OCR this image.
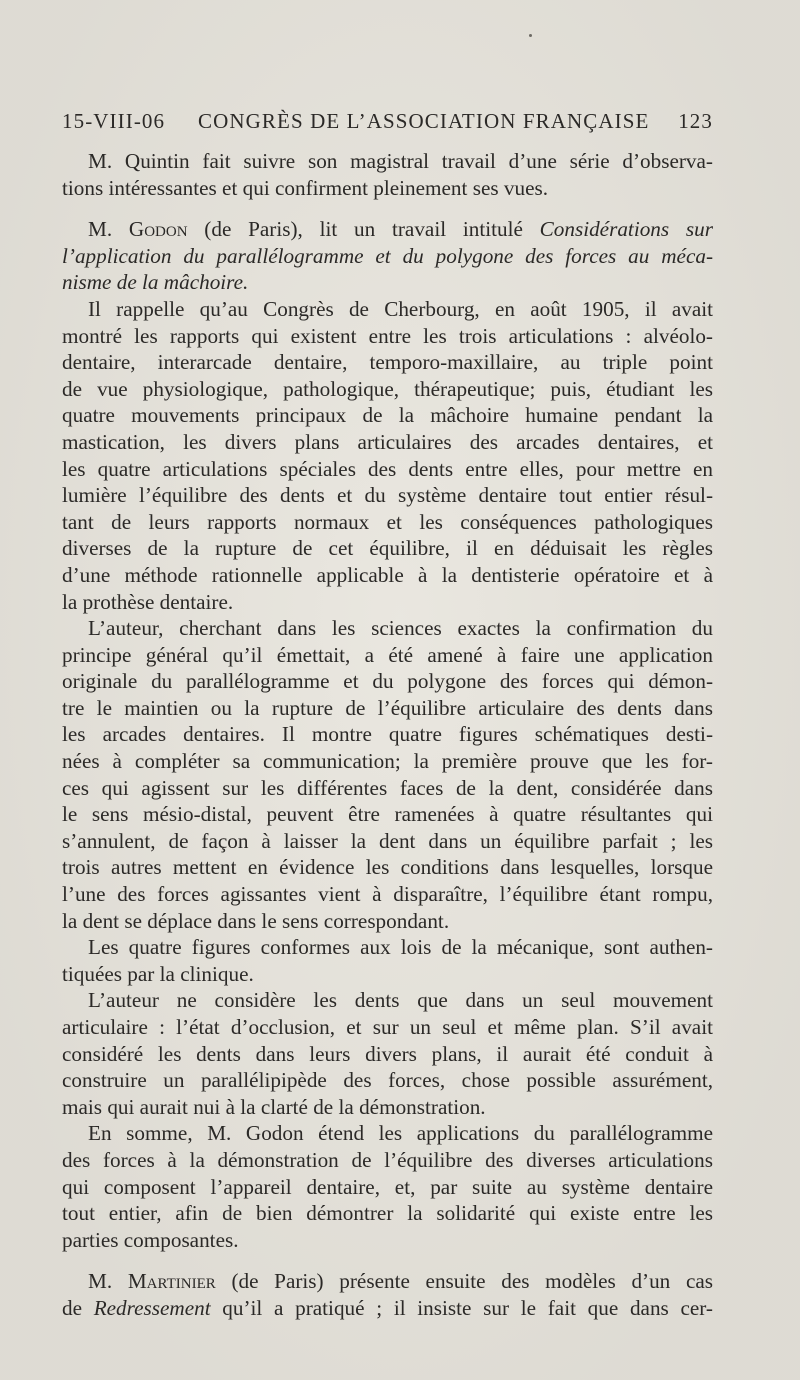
15-VIII-06 CONGRÈS DE L’ASSOCIATION FRANÇAISE 123
M. Quintin fait suivre son magistral travail d’une série d’observa-
tions intéressantes et qui confirment pleinement ses vues.
M. Godon (de Paris), lit un travail intitulé Considérations sur
l’application du parallélogramme et du polygone des forces au méca-
nisme de la mâchoire.
Il rappelle qu’au Congrès de Cherbourg, en août 1905, il avait
montré les rapports qui existent entre les trois articulations : alvéolo-
dentaire, interarcade dentaire, temporo-maxillaire, au triple point
de vue physiologique, pathologique, thérapeutique; puis, étudiant les
quatre mouvements principaux de la mâchoire humaine pendant la
mastication, les divers plans articulaires des arcades dentaires, et
les quatre articulations spéciales des dents entre elles, pour mettre en
lumière l’équilibre des dents et du système dentaire tout entier résul-
tant de leurs rapports normaux et les conséquences pathologiques
diverses de la rupture de cet équilibre, il en déduisait les règles
d’une méthode rationnelle applicable à la dentisterie opératoire et à
la prothèse dentaire.
L’auteur, cherchant dans les sciences exactes la confirmation du
principe général qu’il émettait, a été amené à faire une application
originale du parallélogramme et du polygone des forces qui démon-
tre le maintien ou la rupture de l’équilibre articulaire des dents dans
les arcades dentaires. Il montre quatre figures schématiques desti-
nées à compléter sa communication; la première prouve que les for-
ces qui agissent sur les différentes faces de la dent, considérée dans
le sens mésio-distal, peuvent être ramenées à quatre résultantes qui
s’annulent, de façon à laisser la dent dans un équilibre parfait ; les
trois autres mettent en évidence les conditions dans lesquelles, lorsque
l’une des forces agissantes vient à disparaître, l’équilibre étant rompu,
la dent se déplace dans le sens correspondant.
Les quatre figures conformes aux lois de la mécanique, sont authen-
tiquées par la clinique.
L’auteur ne considère les dents que dans un seul mouvement
articulaire : l’état d’occlusion, et sur un seul et même plan. S’il avait
considéré les dents dans leurs divers plans, il aurait été conduit à
construire un parallélipipède des forces, chose possible assurément,
mais qui aurait nui à la clarté de la démonstration.
En somme, M. Godon étend les applications du parallélogramme
des forces à la démonstration de l’équilibre des diverses articulations
qui composent l’appareil dentaire, et, par suite au système dentaire
tout entier, afin de bien démontrer la solidarité qui existe entre les
parties composantes.
M. Martinier (de Paris) présente ensuite des modèles d’un cas
de Redressement qu’il a pratiqué ; il insiste sur le fait que dans cer-
